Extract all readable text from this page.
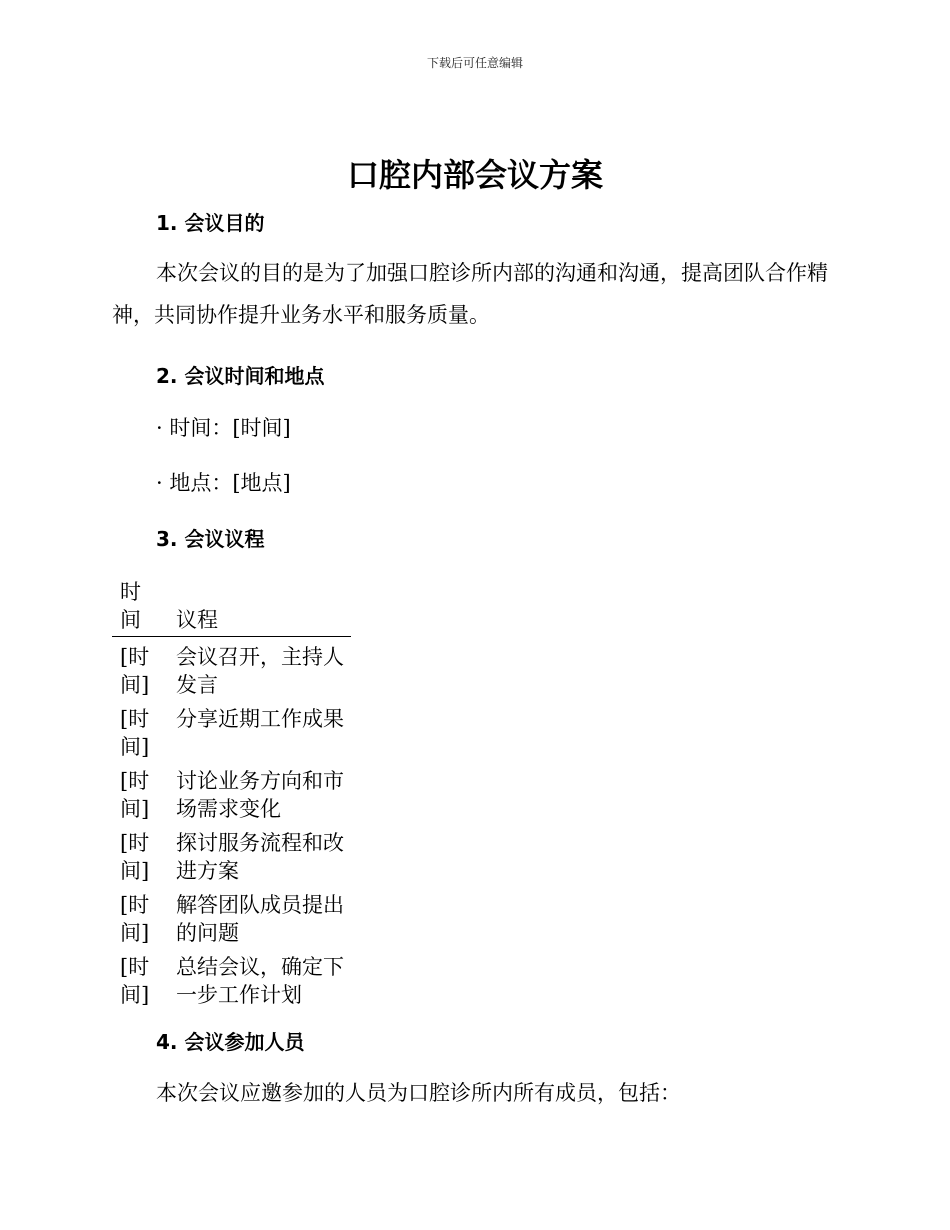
下载后可任意编辑
口腔内部会议方案
1. 会议目的

本次会议的目的是为了加强口腔诊所内部的沟通和沟通，提高团队合作精神，共同协作提升业务水平和服务质量。

2. 会议时间和地点

· 时间：[时间]

· 地点：[地点]

3. 会议议程
时间	议程
[时间]	会议召开，主持人发言
[时间]	分享近期工作成果
[时间]	讨论业务方向和市场需求变化
[时间]	探讨服务流程和改进方案
[时间]	解答团队成员提出的问题
[时间]	总结会议，确定下一步工作计划
4. 会议参加人员

本次会议应邀参加的人员为口腔诊所内所有成员，包括：
